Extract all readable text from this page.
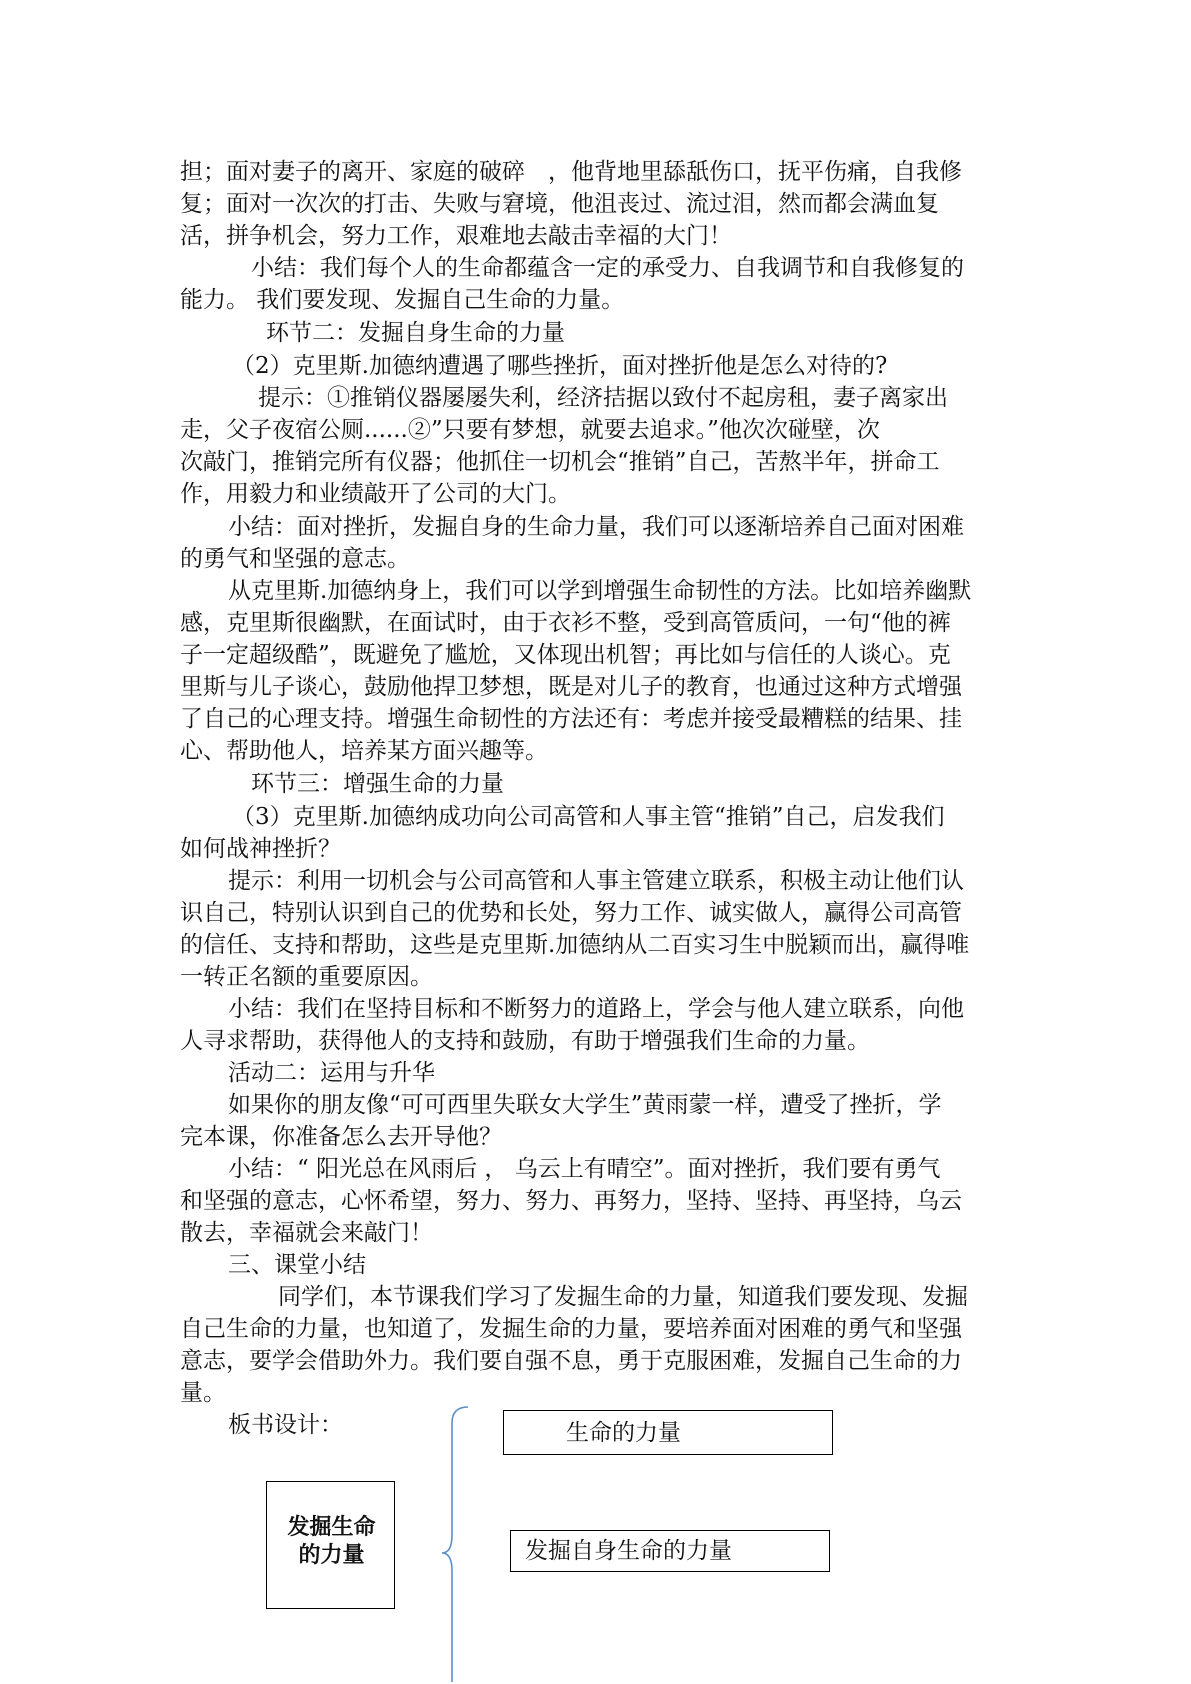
担；面对妻子的离开、家庭的破碎　，他背地里舔舐伤口，抚平伤痛，自我修

复；面对一次次的打击、失败与窘境，他沮丧过、流过泪，然而都会满血复

活，拼争机会，努力工作，艰难地去敲击幸福的大门！

小结：我们每个人的生命都蕴含一定的承受力、自我调节和自我修复的

能力。 我们要发现、发掘自己生命的力量。

环节二：发掘自身生命的力量

（2）克里斯.加德纳遭遇了哪些挫折，面对挫折他是怎么对待的?

提示：①推销仪器屡屡失利，经济拮据以致付不起房租，妻子离家出

走，父子夜宿公厕......②”只要有梦想，就要去追求。”他次次碰壁，次

次敲门，推销完所有仪器；他抓住一切机会“推销”自己，苦熬半年，拼命工

作，用毅力和业绩敲开了公司的大门。

小结：面对挫折，发掘自身的生命力量，我们可以逐渐培养自己面对困难

的勇气和坚强的意志。

从克里斯.加德纳身上，我们可以学到增强生命韧性的方法。比如培养幽默

感，克里斯很幽默，在面试时，由于衣衫不整，受到高管质问，一句“他的裤

子一定超级酷”，既避免了尴尬，又体现出机智；再比如与信任的人谈心。克

里斯与儿子谈心，鼓励他捍卫梦想，既是对儿子的教育，也通过这种方式增强

了自己的心理支持。增强生命韧性的方法还有：考虑并接受最糟糕的结果、挂

心、帮助他人，培养某方面兴趣等。

环节三：增强生命的力量

（3）克里斯.加德纳成功向公司高管和人事主管“推销”自己，启发我们

如何战神挫折？

提示：利用一切机会与公司高管和人事主管建立联系，积极主动让他们认

识自己，特别认识到自己的优势和长处，努力工作、诚实做人，赢得公司高管

的信任、支持和帮助，这些是克里斯.加德纳从二百实习生中脱颖而出，赢得唯

一转正名额的重要原因。

小结：我们在坚持目标和不断努力的道路上，学会与他人建立联系，向他

人寻求帮助，获得他人的支持和鼓励，有助于增强我们生命的力量。

活动二：运用与升华

如果你的朋友像“可可西里失联女大学生”黄雨蒙一样，遭受了挫折，学

完本课，你准备怎么去开导他？

小结：“ 阳光总在风雨后 ， 乌云上有晴空”。面对挫折，我们要有勇气

和坚强的意志，心怀希望，努力、努力、再努力，坚持、坚持、再坚持，乌云

散去，幸福就会来敲门！

三、课堂小结

同学们，本节课我们学习了发掘生命的力量，知道我们要发现、发掘

自己生命的力量，也知道了，发掘生命的力量，要培养面对困难的勇气和坚强

意志，要学会借助外力。我们要自强不息，勇于克服困难，发掘自己生命的力

量。

板书设计：

发掘生命
的力量
生命的力量
发掘自身生命的力量
